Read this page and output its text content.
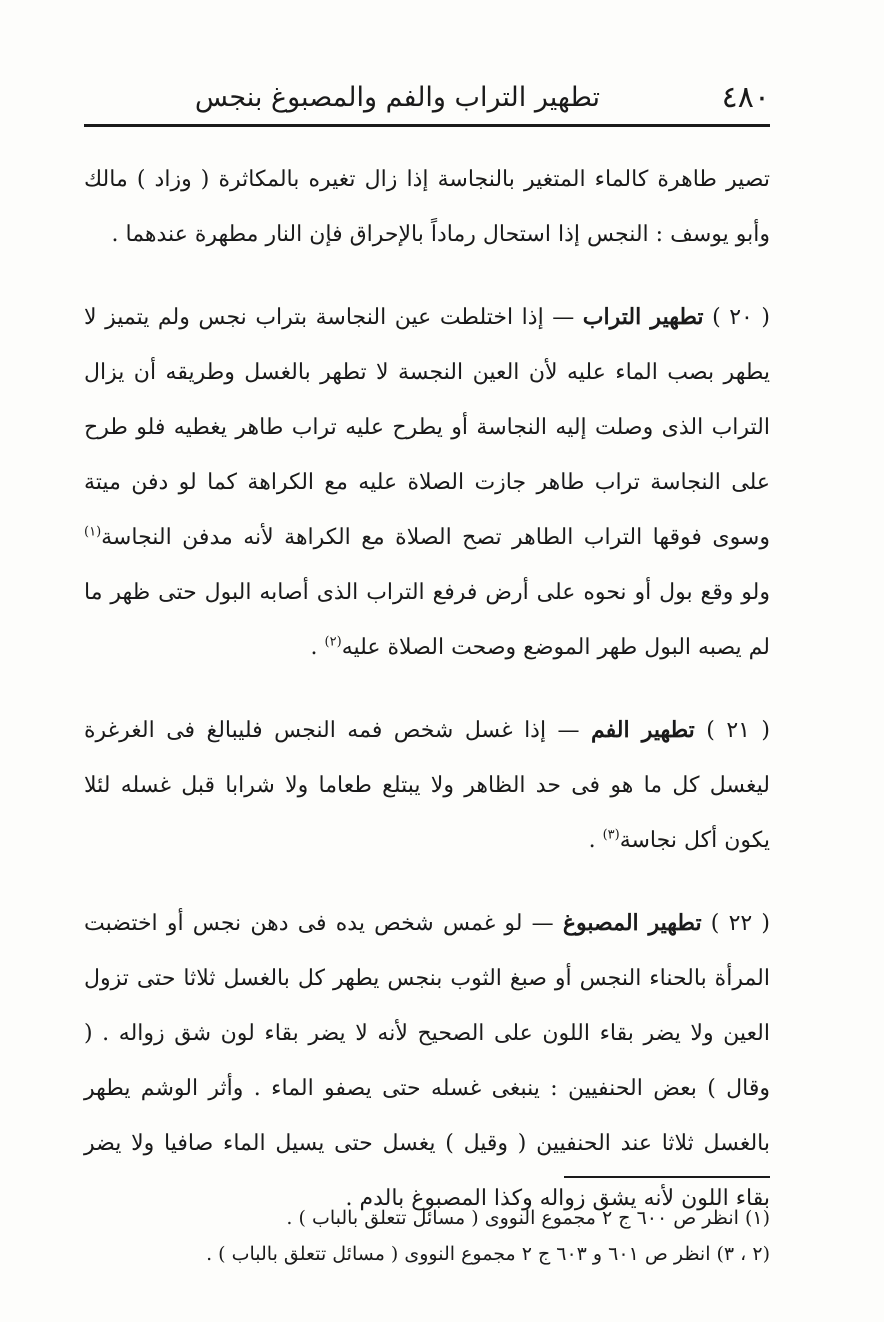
٤٨٠
تطهير التراب والفم والمصبوغ بنجس

تصير طاهرة كالماء المتغير بالنجاسة إذا زال تغيره بالمكاثرة ( وزاد ) مالك وأبو يوسف : النجس إذا استحال رماداً بالإحراق فإن النار مطهرة عندهما .

( ٢٠ ) تطهير التراب — إذا اختلطت عين النجاسة بتراب نجس ولم يتميز لا يطهر بصب الماء عليه لأن العين النجسة لا تطهر بالغسل وطريقه أن يزال التراب الذى وصلت إليه النجاسة أو يطرح عليه تراب طاهر يغطيه فلو طرح على النجاسة تراب طاهر جازت الصلاة عليه مع الكراهة كما لو دفن ميتة وسوى فوقها التراب الطاهر تصح الصلاة مع الكراهة لأنه مدفن النجاسة$^{(١)}$ ولو وقع بول أو نحوه على أرض فرفع التراب الذى أصابه البول حتى ظهر ما لم يصبه البول طهر الموضع وصحت الصلاة عليه$^{(٢)}$ .

( ٢١ ) تطهير الفم — إذا غسل شخص فمه النجس فليبالغ فى الغرغرة ليغسل كل ما هو فى حد الظاهر ولا يبتلع طعاما ولا شرابا قبل غسله لئلا يكون أكل نجاسة$^{(٣)}$ .

( ٢٢ ) تطهير المصبوغ — لو غمس شخص يده فى دهن نجس أو اختضبت المرأة بالحناء النجس أو صبغ الثوب بنجس يطهر كل بالغسل ثلاثا حتى تزول العين ولا يضر بقاء اللون على الصحيح لأنه لا يضر بقاء لون شق زواله . ( وقال ) بعض الحنفيين : ينبغى غسله حتى يصفو الماء . وأثر الوشم يطهر بالغسل ثلاثا عند الحنفيين ( وقيل ) يغسل حتى يسيل الماء صافيا ولا يضر بقاء اللون لأنه يشق زواله وكذا المصبوغ بالدم .

(١) انظر ص ٦٠٠ ج ٢ مجموع النووى ( مسائل تتعلق بالباب ) .

(٢ ، ٣) انظر ص ٦٠١ و ٦٠٣ ج ٢ مجموع النووى ( مسائل تتعلق بالباب ) .
